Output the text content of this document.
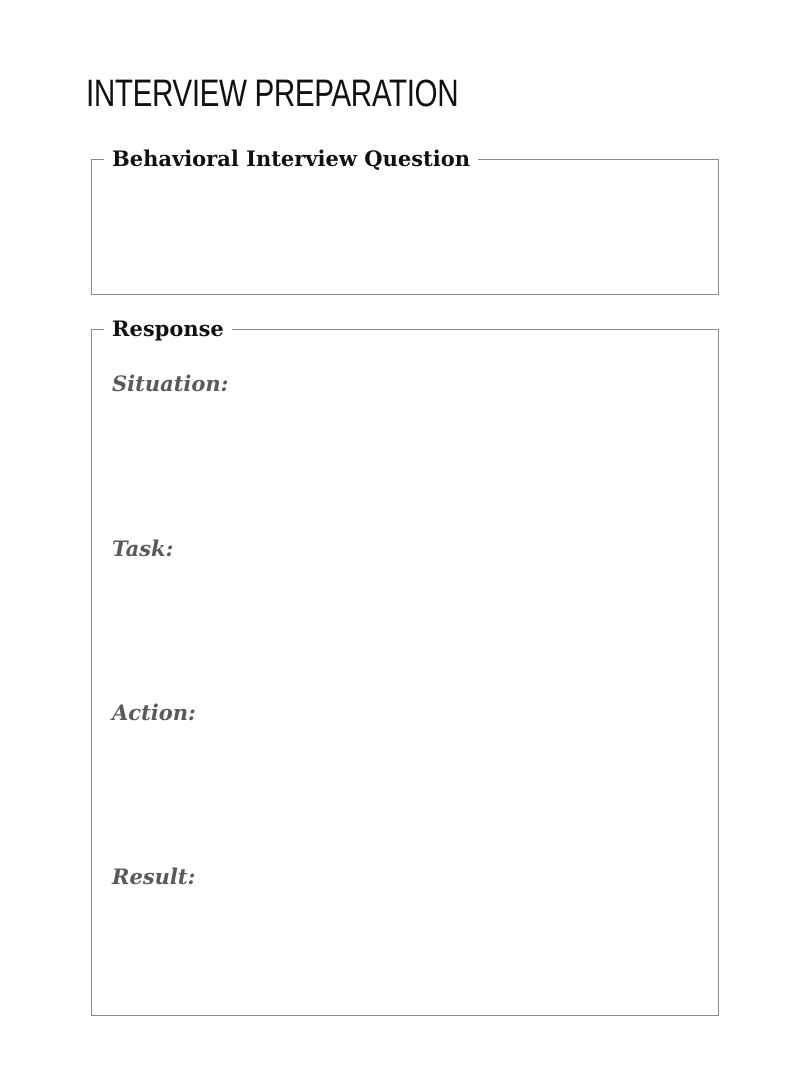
INTERVIEW PREPARATION
Behavioral Interview Question
Response
Situation:
Task:
Action:
Result:
